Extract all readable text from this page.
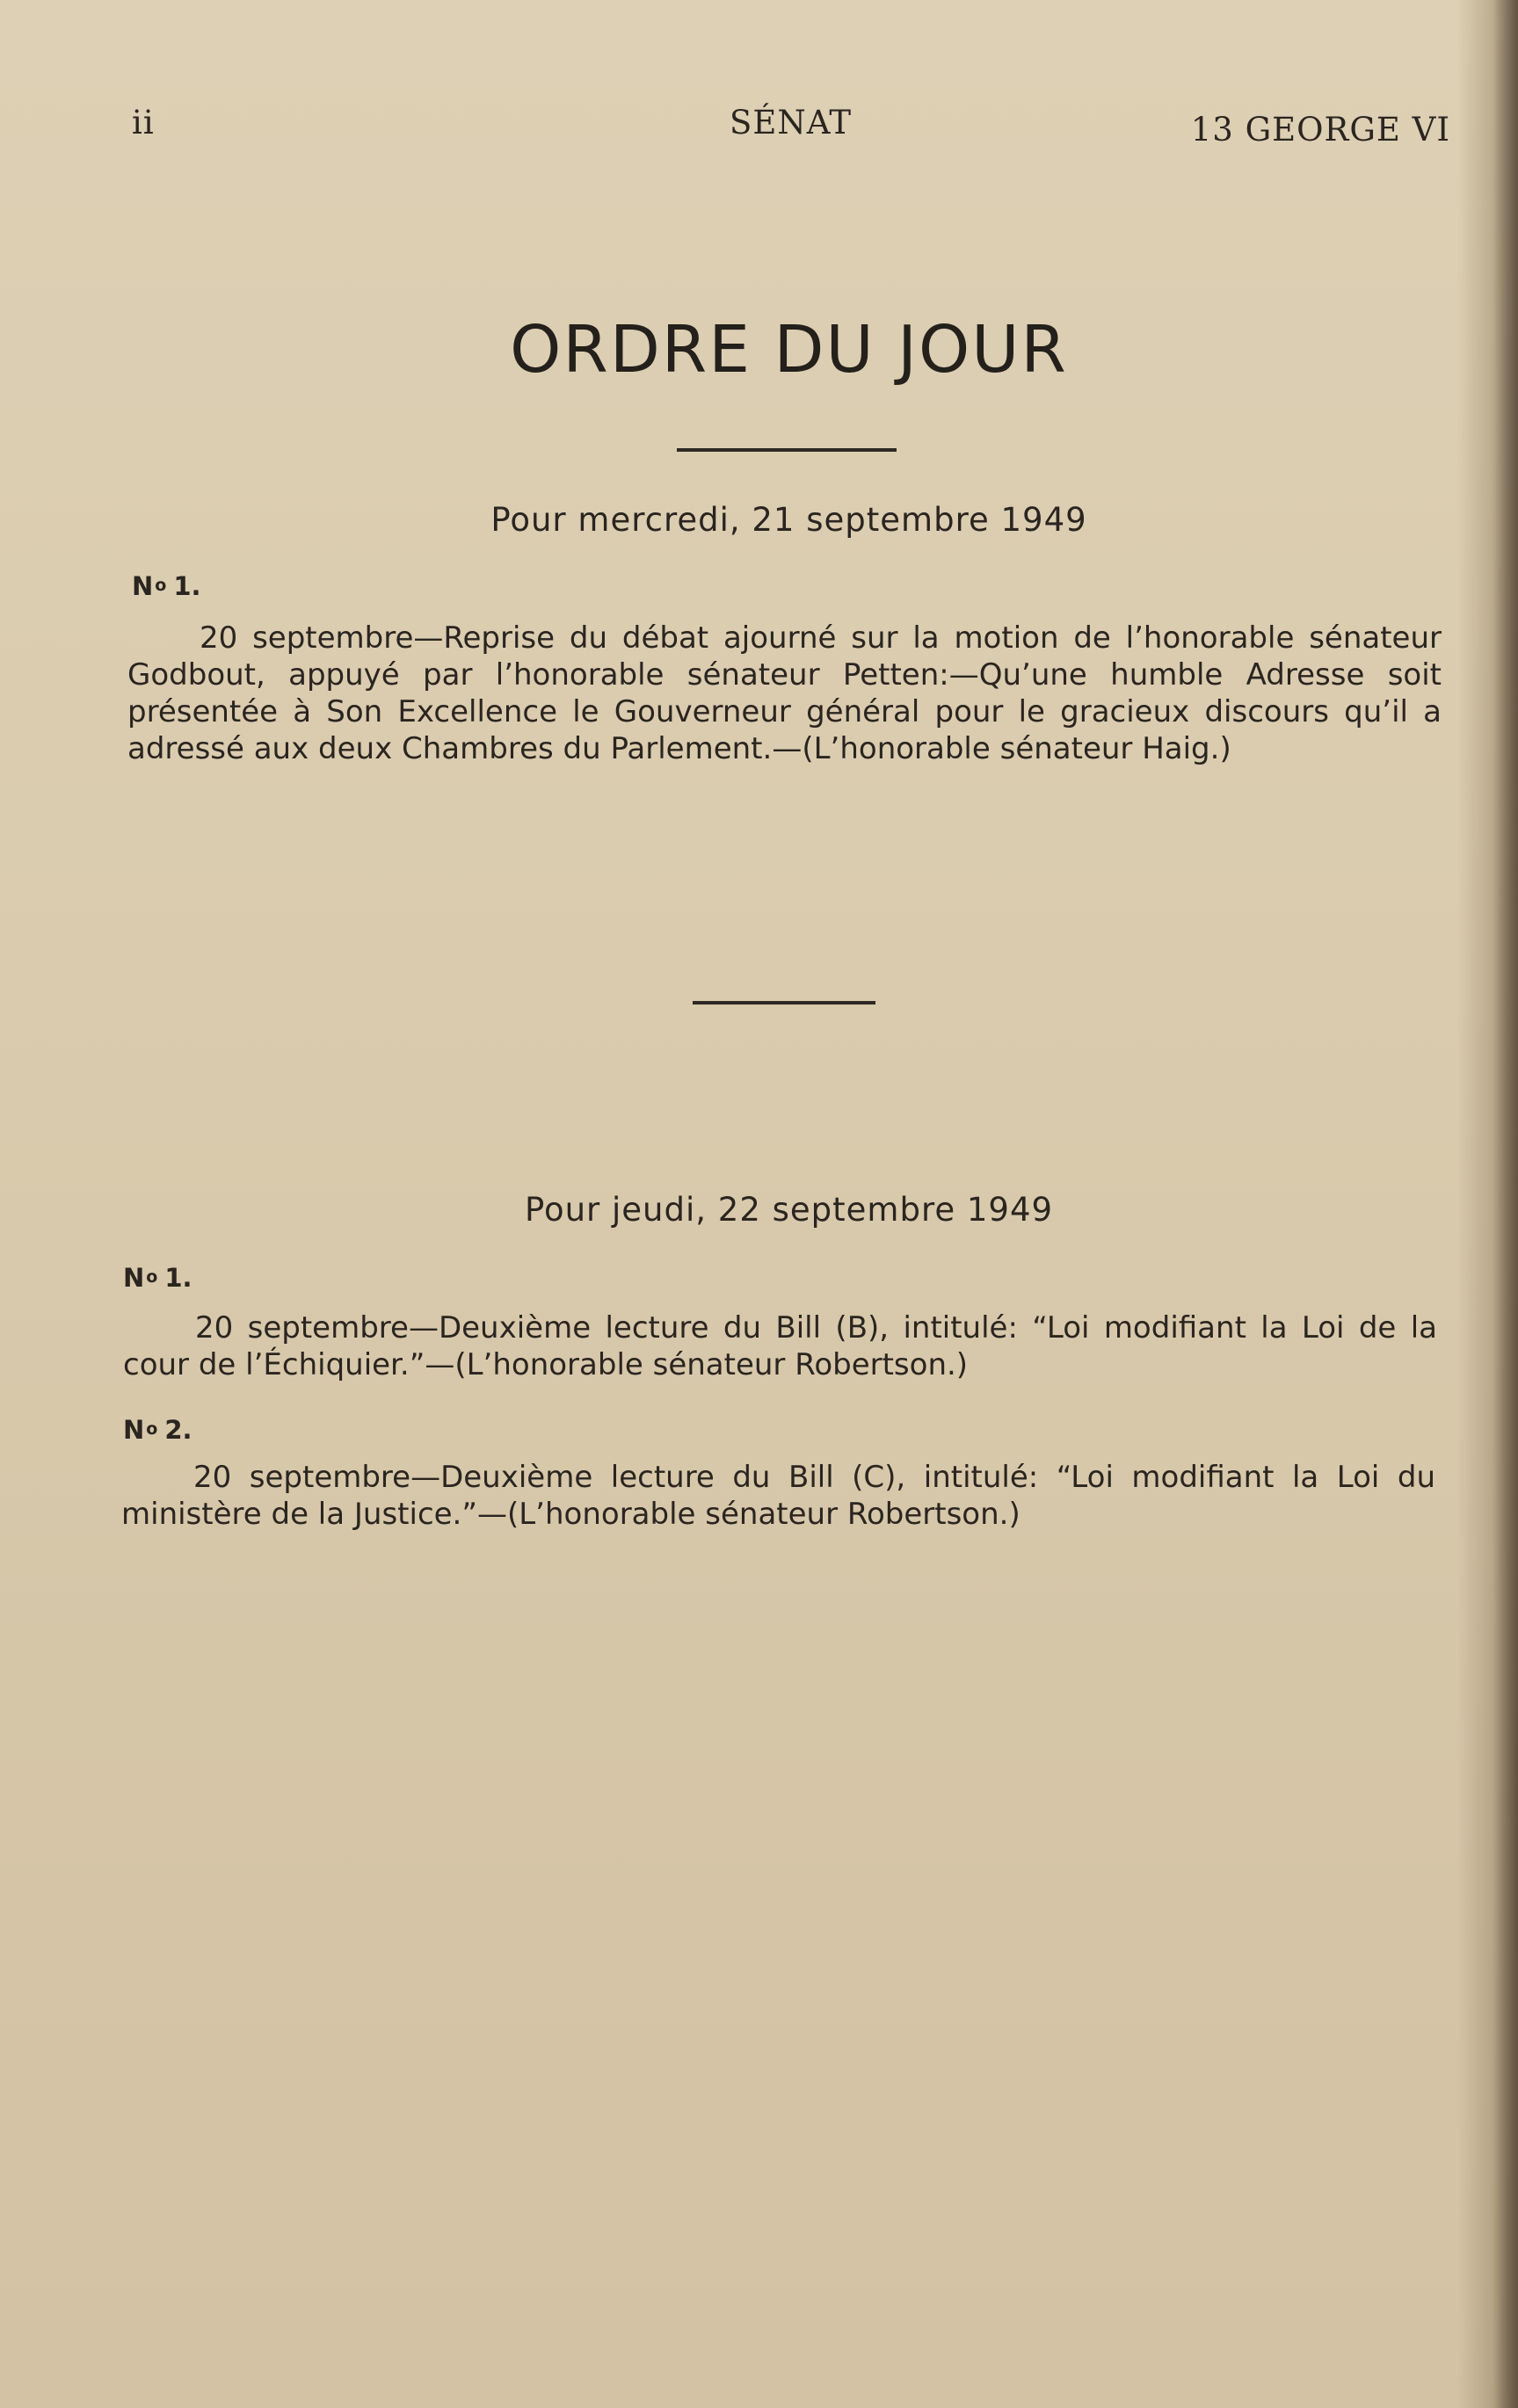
ii	SÉNAT	13 GEORGE VI
ORDRE DU JOUR
Pour mercredi, 21 septembre 1949
N $^o$ 1.
20 septembre—Reprise du débat ajourné sur la motion de l’honorable sénateur Godbout, appuyé par l’honorable sénateur Petten:—Qu’une humble Adresse soit présentée à Son Excellence le Gouverneur général pour le gracieux discours qu’il a adressé aux deux Chambres du Parlement.—(L’honorable sénateur Haig.)
Pour jeudi, 22 septembre 1949
N $^o$ 1.
20 septembre—Deuxième lecture du Bill (B), intitulé: “Loi modifiant la Loi de la cour de l’Échiquier.”—(L’honorable sénateur Robertson.)
N $^o$ 2.
20 septembre—Deuxième lecture du Bill (C), intitulé: “Loi modifiant la Loi du ministère de la Justice.”—(L’honorable sénateur Robertson.)
